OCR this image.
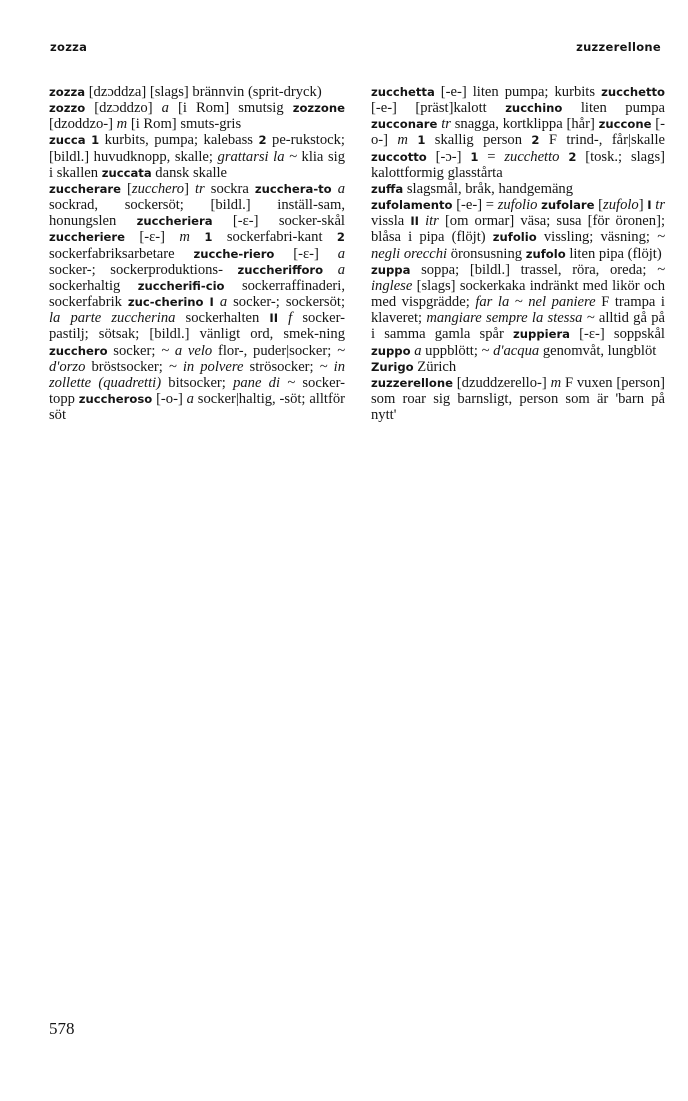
zozza	zuzzerellone

zozza [dzɔddza] [slags] brännvin (sprit-dryck)

zozzo [dzɔddzo] a [i Rom] smutsig zozzone [dzoddzo-] m [i Rom] smuts-gris

zucca 1 kurbits, pumpa; kalebass 2 pe-rukstock; [bildl.] huvudknopp, skalle; grattarsi la ~ klia sig i skallen zuccata dansk skalle

zuccherare [zucchero] tr sockra zucchera-to a sockrad, sockersöt; [bildl.] inställ-sam, honungslen zuccheriera [-ɛ-] socker-skål zuccheriere [-ɛ-] m 1 sockerfabri-kant 2 sockerfabriksarbetare zucche-riero [-ɛ-] a socker-; sockerproduktions- zuccherifforo a sockerhaltig zuccherifi-cio sockerraffinaderi, sockerfabrik zuc-cherino I a socker-; sockersöt; la parte zuccherina sockerhalten II f socker-pastilj; sötsak; [bildl.] vänligt ord, smek-ning zucchero socker; ~ a velo flor-, puder|socker; ~ d'orzo bröstsocker; ~ in polvere strösocker; ~ in zollette (quadretti) bitsocker; pane di ~ socker-topp zuccheroso [-o-] a socker|haltig, -söt; alltför söt

zucchetta [-e-] liten pumpa; kurbits zucchetto [-e-] [präst]kalott zucchino liten pumpa zucconare tr snagga, kortklippa [hår] zuccone [-o-] m 1 skallig person 2 F trind-, får|skalle zuccotto [-ɔ-] 1 = zucchetto 2 [tosk.; slags] kalottformig glasstårta

zuffa slagsmål, bråk, handgemäng

zufolamento [-e-] = zufolio zufolare [zufolo] I tr vissla II itr [om ormar] väsa; susa [för öronen]; blåsa i pipa (flöjt) zufolio vissling; väsning; ~ negli orecchi öronsusning zufolo liten pipa (flöjt)

zuppa soppa; [bildl.] trassel, röra, oreda; ~ inglese [slags] sockerkaka indränkt med likör och med vispgrädde; far la ~ nel paniere F trampa i klaveret; mangiare sempre la stessa ~ alltid gå på i samma gamla spår zuppiera [-ɛ-] soppskål zuppo a uppblött; ~ d'acqua genomvåt, lungblöt

Zurigo Zürich

zuzzerellone [dzuddzerello-] m F vuxen [person] som roar sig barnsligt, person som är 'barn på nytt'

578
